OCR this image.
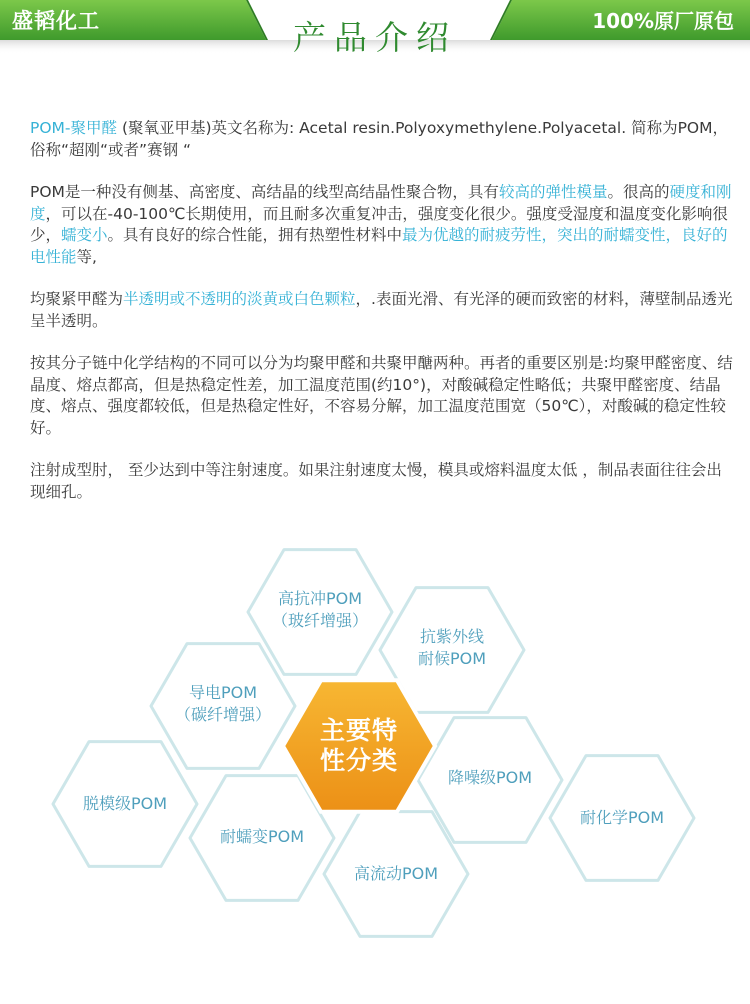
盛韬化工	产品介绍	100%原厂原包

POM-聚甲醛 (聚氧亚甲基)英文名称为: Acetal resin.Polyoxymethylene.Polyacetal. 简称为POM，俗称“超刚“或者”赛钢 “

POM是一种没有侧基、高密度、高结晶的线型高结晶性聚合物，具有较高的弹性模量。很高的硬度和刚度，可以在-40-100℃长期使用，而且耐多次重复冲击，强度变化很少。强度受湿度和温度变化影响很少，蠕变小。具有良好的综合性能，拥有热塑性材料中最为优越的耐疲劳性，突出的耐蠕变性，良好的电性能等,

均聚紧甲醛为半透明或不透明的淡黄或白色颗粒，.表面光滑、有光泽的硬而致密的材料，薄壁制品透光呈半透明。

按其分子链中化学结构的不同可以分为均聚甲醛和共聚甲醣两种。再者的重要区别是:均聚甲醛密度、结晶度、熔点都高，但是热稳定性差，加工温度范围(约10°)，对酸碱稳定性略低；共聚甲醛密度、结晶度、熔点、强度都较低，但是热稳定性好，不容易分解，加工温度范围宽（50℃），对酸碱的稳定性较好。

注射成型肘， 至少达到中等注射速度。如果注射速度太慢，模具或熔料温度太低 ，制品表面往往会出现细孔。

主要特
性分类
高抗冲POM
（玻纤增强）
抗紫外线
耐候POM
导电POM
（碳纤增强）
降噪级POM
脱模级POM
耐化学POM
耐蠕变POM
高流动POM
